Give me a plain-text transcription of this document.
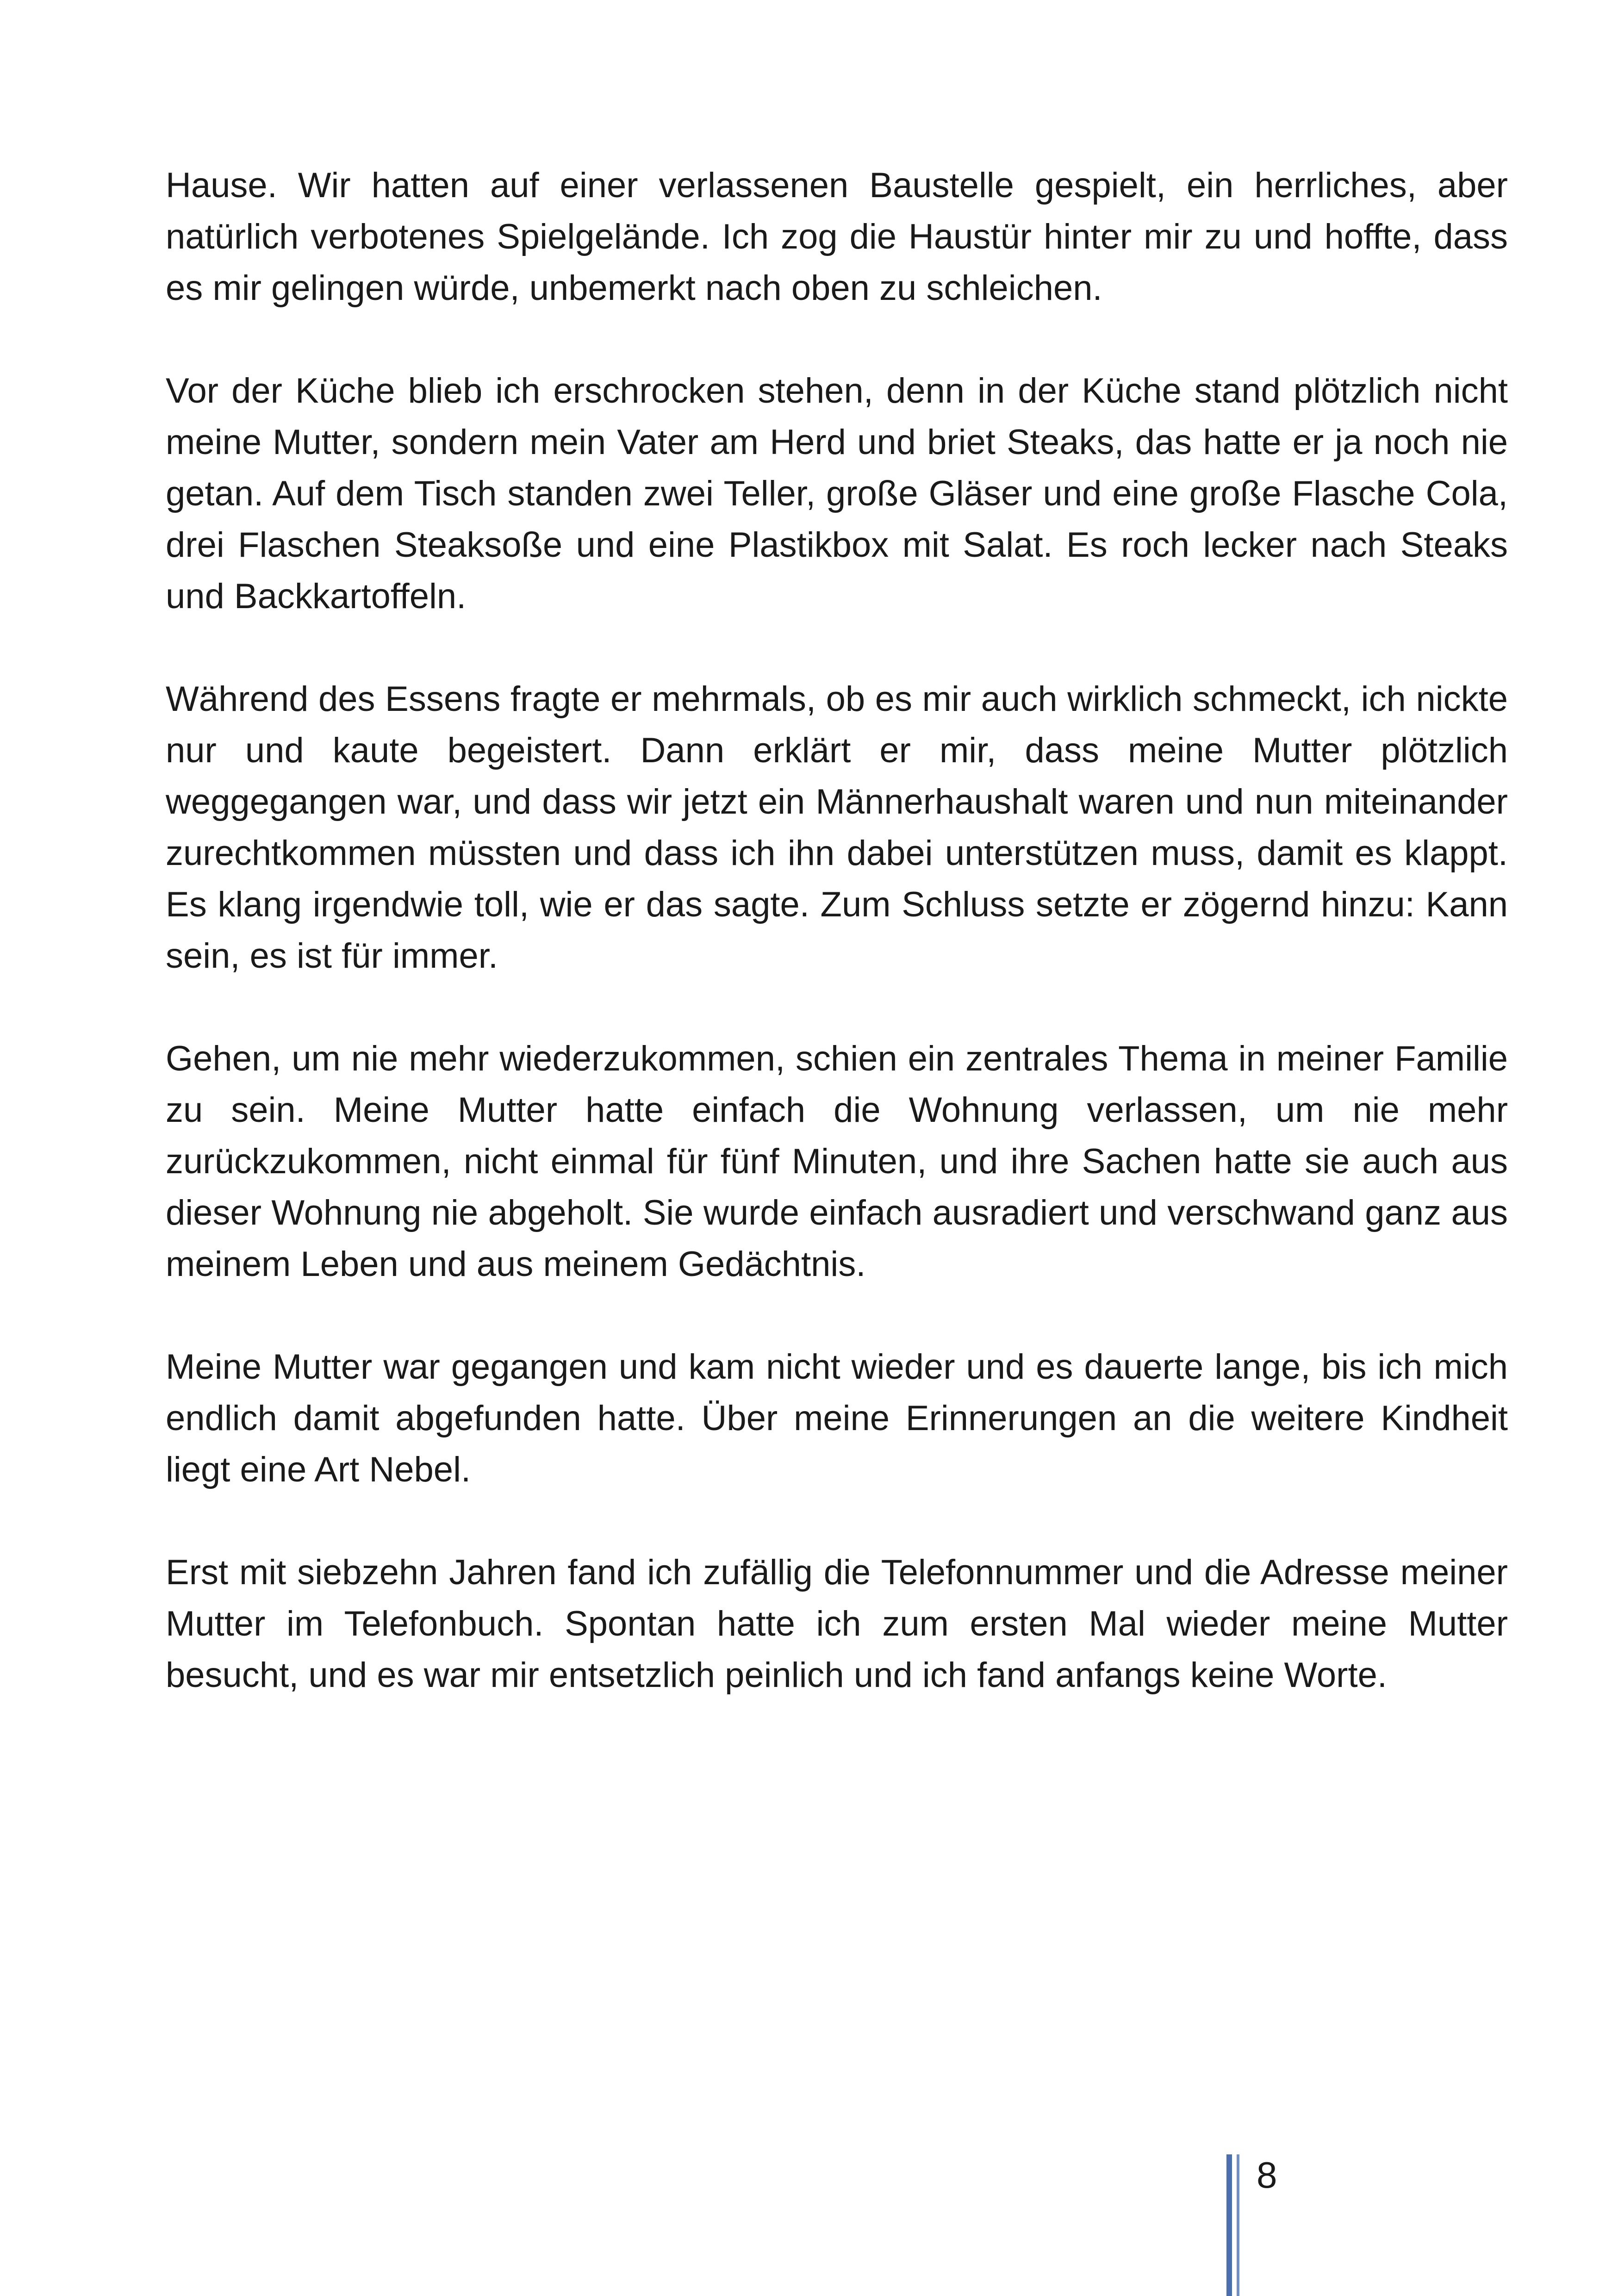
Hause. Wir hatten auf einer verlassenen Baustelle gespielt, ein herrliches, aber natürlich verbotenes Spielgelände. Ich zog die Haustür hinter mir zu und hoffte, dass es mir gelingen würde, unbemerkt nach oben zu schleichen.

Vor der Küche blieb ich erschrocken stehen, denn in der Küche stand plötzlich nicht meine Mutter, sondern mein Vater am Herd und briet Steaks, das hatte er ja noch nie getan. Auf dem Tisch standen zwei Teller, große Gläser und eine große Flasche Cola, drei Flaschen Steaksoße und eine Plastikbox mit Salat. Es roch lecker nach Steaks und Backkartoffeln.

Während des Essens fragte er mehrmals, ob es mir auch wirklich schmeckt, ich nickte nur und kaute begeistert. Dann erklärt er mir, dass meine Mutter plötzlich weggegangen war, und dass wir jetzt ein Männerhaushalt waren und nun miteinander zurechtkommen müssten und dass ich ihn dabei unterstützen muss, damit es klappt. Es klang irgendwie toll, wie er das sagte. Zum Schluss setzte er zögernd hinzu: Kann sein, es ist für immer.

Gehen, um nie mehr wiederzukommen, schien ein zentrales Thema in meiner Familie zu sein. Meine Mutter hatte einfach die Wohnung verlassen, um nie mehr zurückzukommen, nicht einmal für fünf Minuten, und ihre Sachen hatte sie auch aus dieser Wohnung nie abgeholt. Sie wurde einfach ausradiert und verschwand ganz aus meinem Leben und aus meinem Gedächtnis.

Meine Mutter war gegangen und kam nicht wieder und es dauerte lange, bis ich mich endlich damit abgefunden hatte. Über meine Erinnerungen an die weitere Kindheit liegt eine Art Nebel.

Erst mit siebzehn Jahren fand ich zufällig die Telefonnummer und die Adresse meiner Mutter im Telefonbuch. Spontan hatte ich zum ersten Mal wieder meine Mutter besucht, und es war mir entsetzlich peinlich und ich fand anfangs keine Worte.

8
